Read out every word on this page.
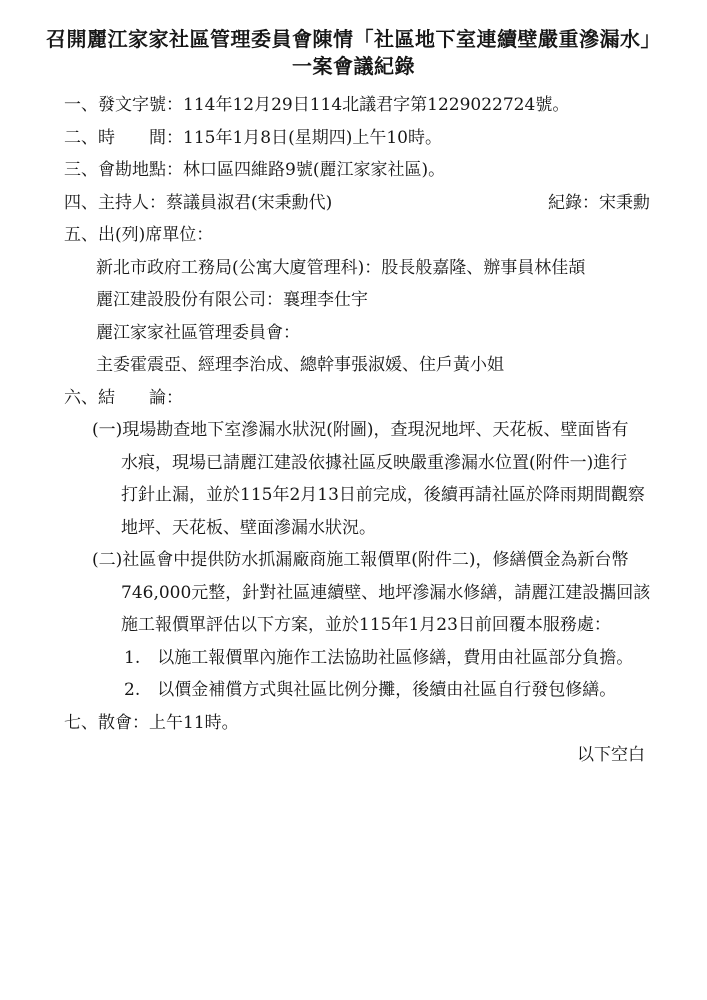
召開麗江家家社區管理委員會陳情「社區地下室連續壁嚴重滲漏水」
一案會議紀錄
一、發文字號：114年12月29日114北議君字第1229022724號。
二、時　　間：115年1月8日(星期四)上午10時。
三、會勘地點：林口區四維路9號(麗江家家社區)。
四、主持人：蔡議員淑君(宋秉勳代)	紀錄：宋秉勳
五、出(列)席單位：
新北市政府工務局(公寓大廈管理科)：股長般嘉隆、辦事員林佳頡
麗江建設股份有限公司：襄理李仕宇
麗江家家社區管理委員會：
主委霍震亞、經理李治成、總幹事張淑媛、住戶黃小姐
六、結　　論：
(一)現場勘查地下室滲漏水狀況(附圖)，查現況地坪、天花板、壁面皆有
水痕，現場已請麗江建設依據社區反映嚴重滲漏水位置(附件一)進行
打針止漏，並於115年2月13日前完成，後續再請社區於降雨期間觀察
地坪、天花板、壁面滲漏水狀況。
(二)社區會中提供防水抓漏廠商施工報價單(附件二)，修繕價金為新台幣
746,000元整，針對社區連續壁、地坪滲漏水修繕，請麗江建設攜回該
施工報價單評估以下方案，並於115年1月23日前回覆本服務處：
1.　以施工報價單內施作工法協助社區修繕，費用由社區部分負擔。
2.　以價金補償方式與社區比例分攤，後續由社區自行發包修繕。
七、散會：上午11時。
以下空白
